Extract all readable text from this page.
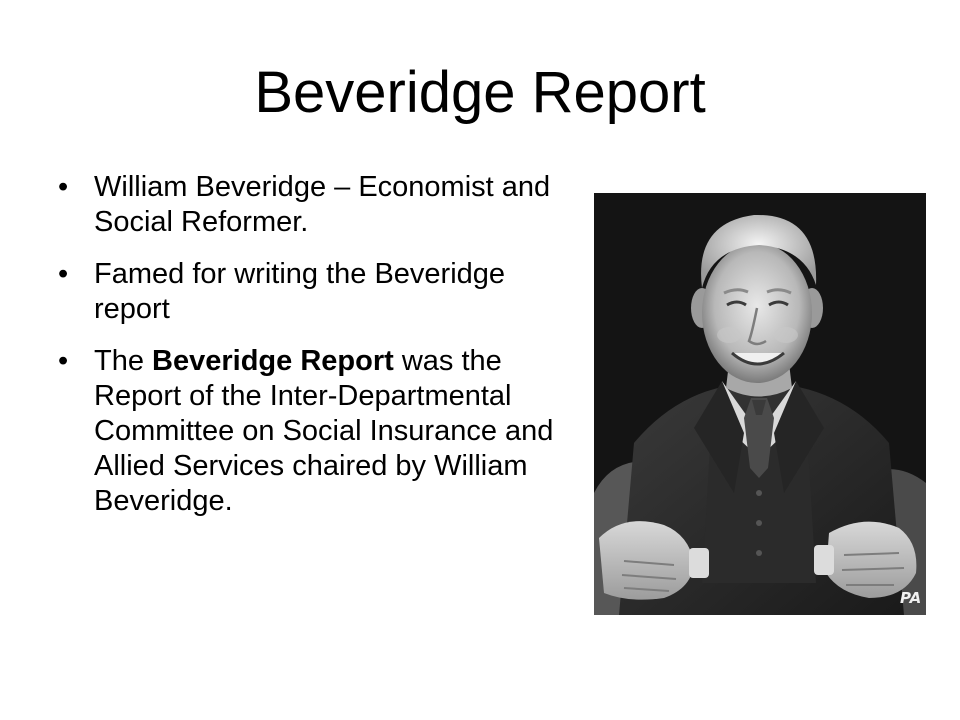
Beveridge Report
• William Beveridge – Economist and Social Reformer.
• Famed for writing the Beveridge report
• The Beveridge Report was the Report of the Inter-Departmental Committee on Social Insurance and Allied Services chaired by William Beveridge.
PA
